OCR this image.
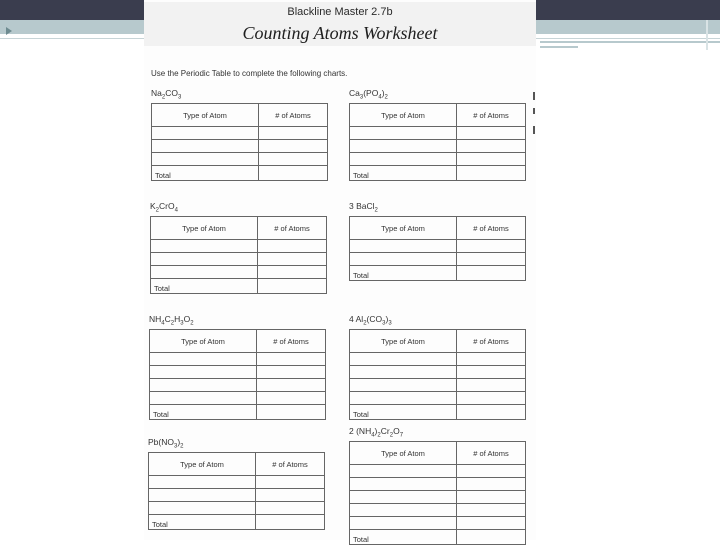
Blackline Master 2.7b
Counting Atoms Worksheet
Use the Periodic Table to complete the following charts.
$Na_2CO_3$
Type of Atom	# of Atoms

Total	
$K_2CrO_4$
Type of Atom	# of Atoms

Total	
$NH_4C_2H_3O_2$
Type of Atom	# of Atoms

Total	
$Pb(NO_3)_2$
Type of Atom	# of Atoms

Total	
$Ca_3(PO_4)_2$
Type of Atom	# of Atoms

Total	
3 BaCl$_2$
Type of Atom	# of Atoms

Total	
4 $Al_2(CO_3)_3$
Type of Atom	# of Atoms

Total	
2 $(NH_4)_2Cr_2O_7$
Type of Atom	# of Atoms

Total	
